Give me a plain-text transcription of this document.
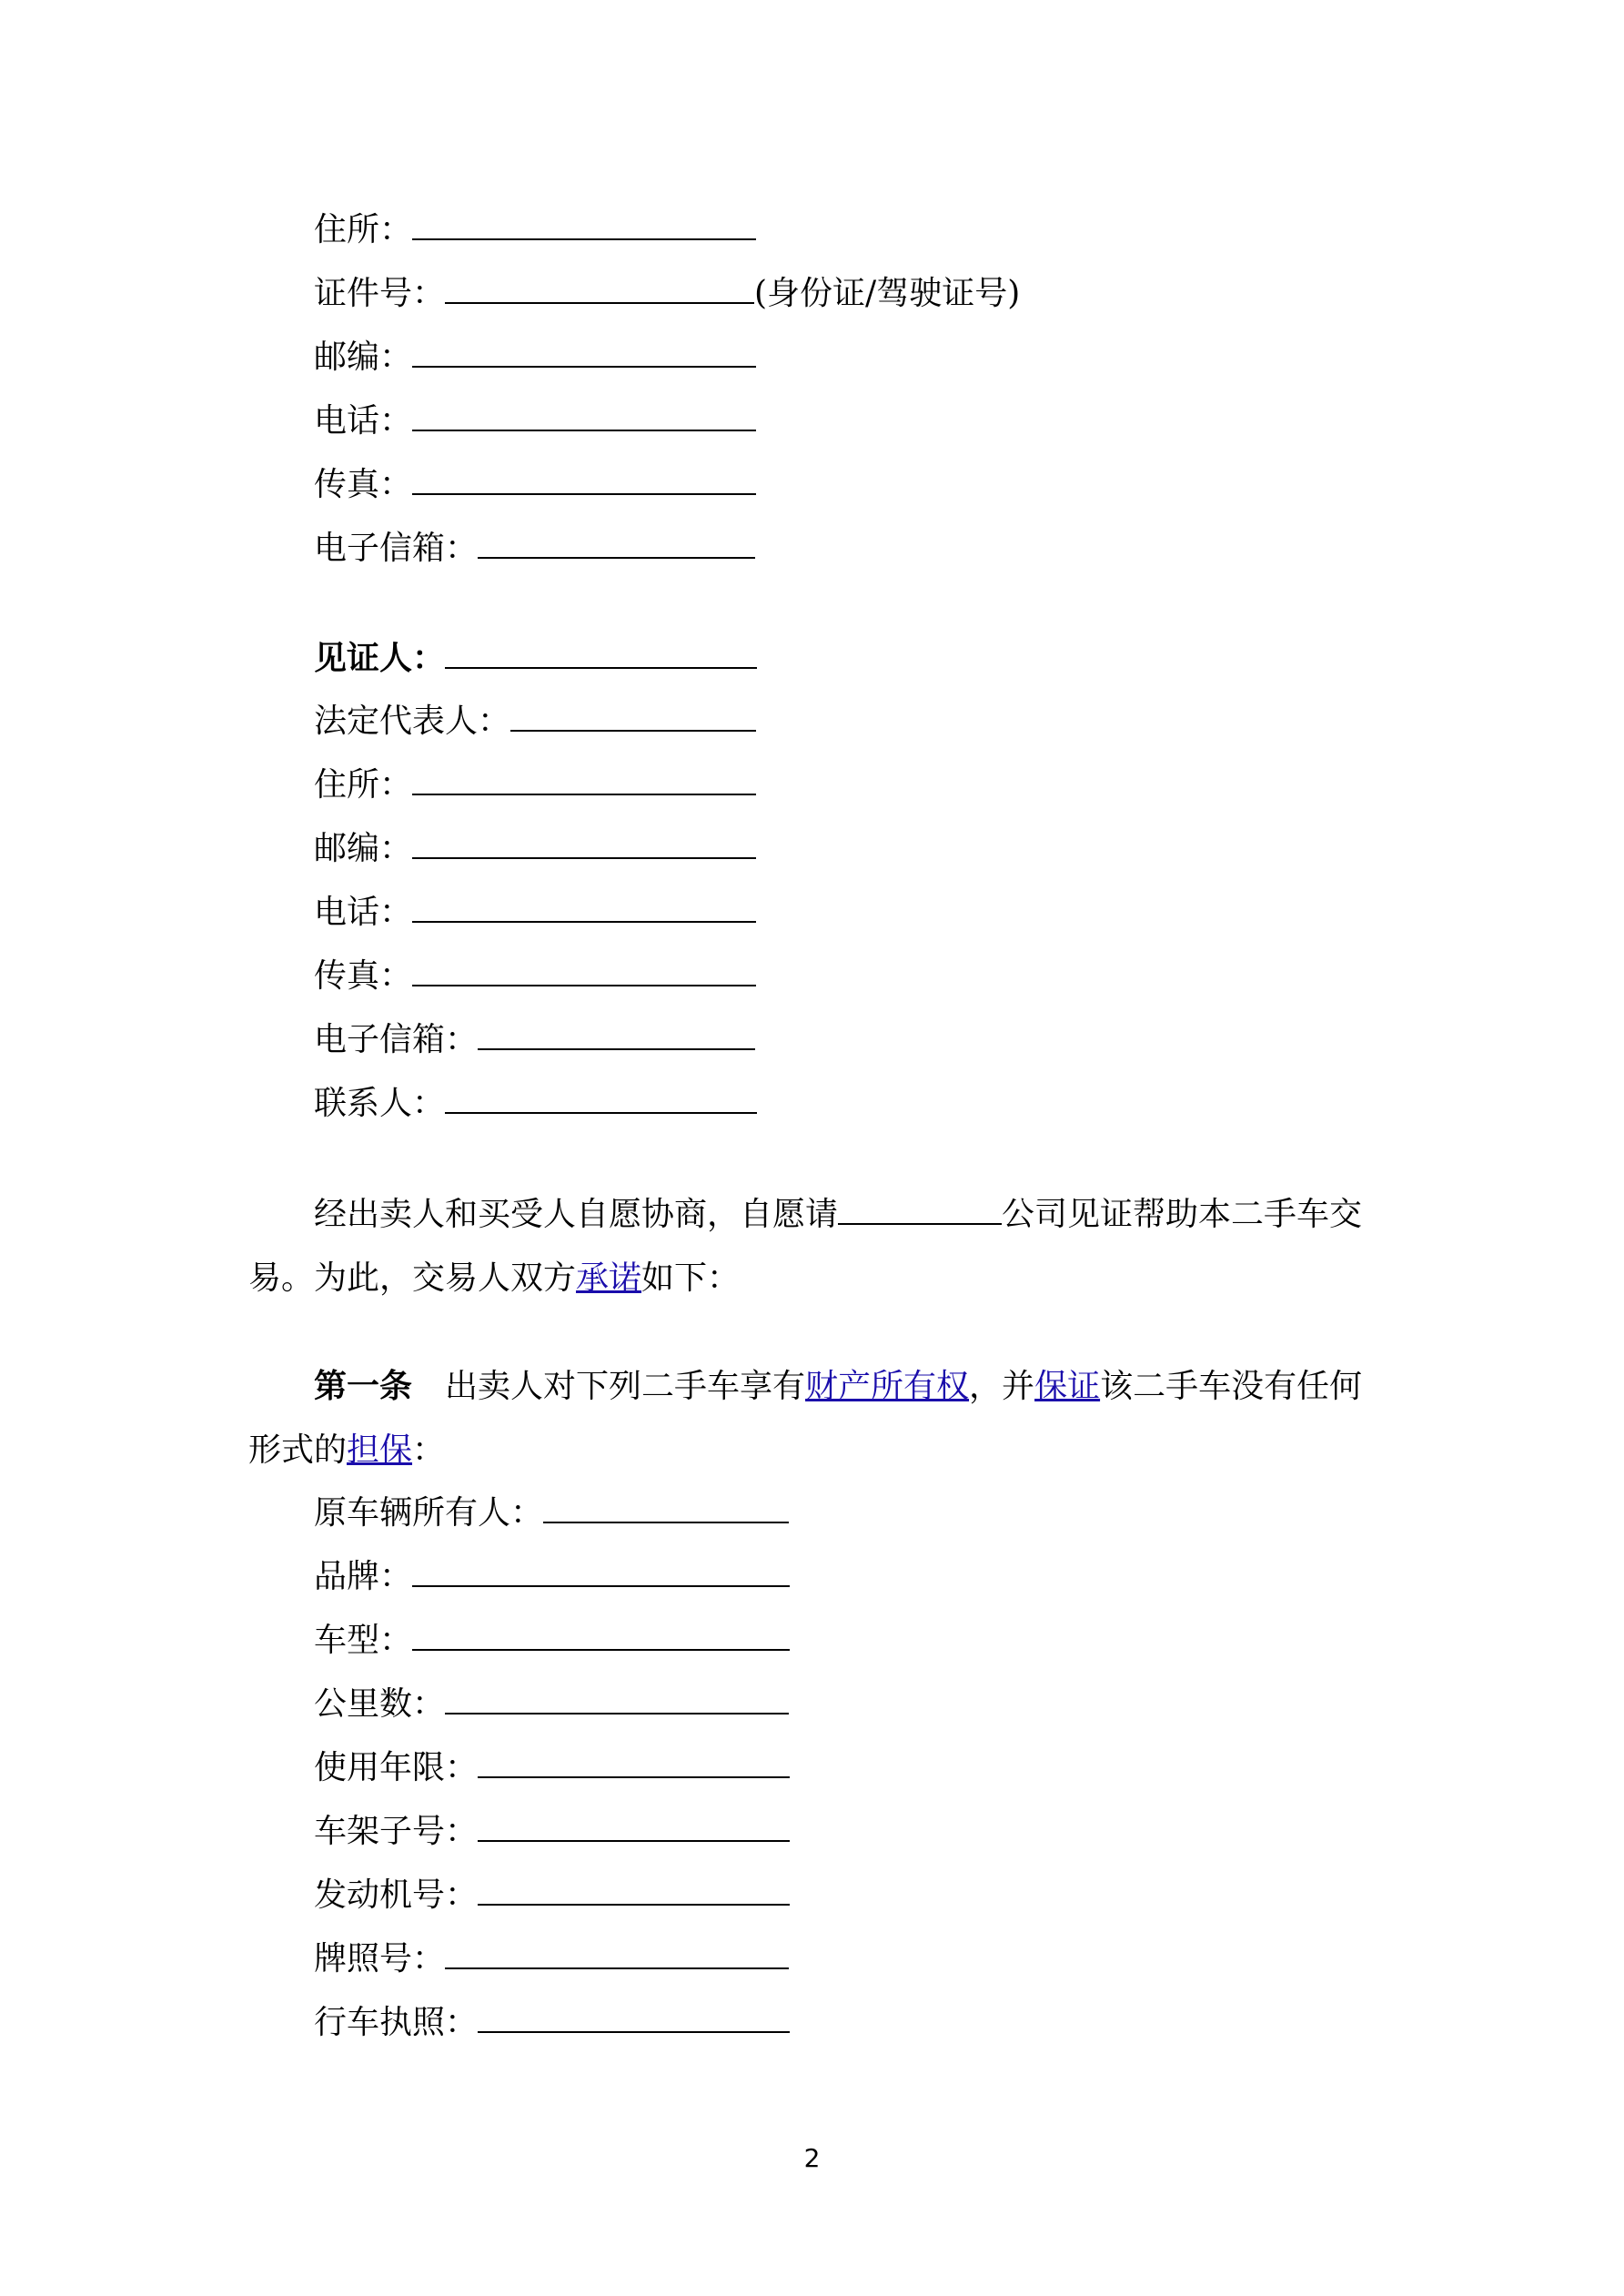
住所：
证件号：	(身份证/驾驶证号)
邮编：
电话：
传真：
电子信箱：
见证人：
法定代表人：
住所：
邮编：
电话：
传真：
电子信箱：
联系人：
经出卖人和买受人自愿协商，自愿请	公司见证帮助本二手车交易。为此，交易人双方承诺如下：
第一条 出卖人对下列二手车享有财产所有权，并保证该二手车没有任何形式的担保：
原车辆所有人：
品牌：
车型：
公里数：
使用年限：
车架子号：
发动机号：
牌照号：
行车执照：
2
